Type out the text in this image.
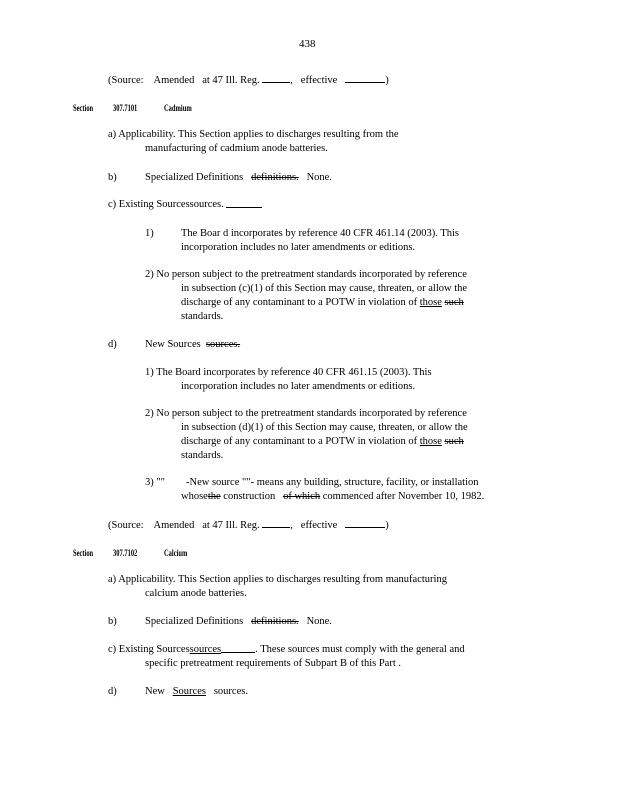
438
(Source: Amended at 47 Ill. Reg.	, effective	)
Section 307.7101	Cadmium
a) Applicability. This Section applies to discharges resulting from the
manufacturing of cadmium anode batteries.
b)	Specialized Definitions definitions. None.
c) Existing Sourcessources.
1)	The Boar d incorporates by reference 40 CFR 461.14 (2003). This
incorporation includes no later amendments or editions.
2) No person subject to the pretreatment standards incorporated by reference
in subsection (c)(1) of this Section may cause, threaten, or allow the
discharge of any contaminant to a POTW in violation of those such
standards.
d)	New Sources sources.
1) The Board incorporates by reference 40 CFR 461.15 (2003). This
incorporation includes no later amendments or editions.
2) No person subject to the pretreatment standards incorporated by reference
in subsection (d)(1) of this Section may cause, threaten, or allow the
discharge of any contaminant to a POTW in violation of those such
standards.
3) "" -New source ""- means any building, structure, facility, or installation
whosethe construction of which commenced after November 10, 1982.
(Source: Amended at 47 Ill. Reg.	, effective	)
Section 307.7102	Calcium
a) Applicability. This Section applies to discharges resulting from manufacturing
calcium anode batteries.
b)	Specialized Definitions definitions. None.
c) Existing Sourcessources	. These sources must comply with the general and
specific pretreatment requirements of Subpart B of this Part .
d)	New Sources sources.
